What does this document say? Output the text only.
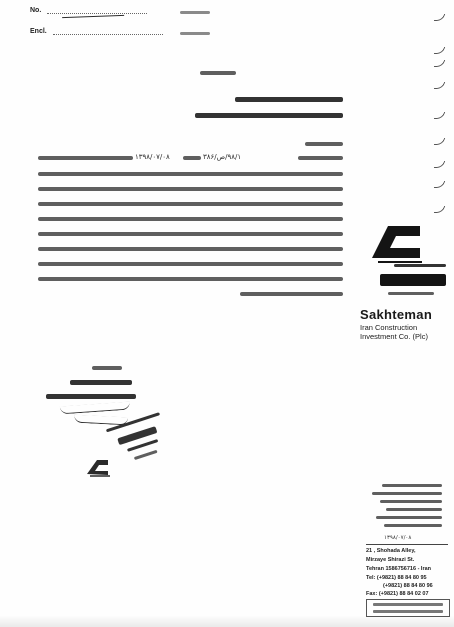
No.
Encl.
۹۸/۱/ص/۳۸۶
۱۳۹۸/۰۷/۰۸
Sakhteman
Iran Construction
Investment Co. (Plc)
۱۳۹۸/۰۷/۰۸
21 , Shohada Alley,
Mirzaye Shirazi St.
Tehran 1586756716 - Iran
Tel: (+9821) 88 84 80 95
(+9821) 88 84 80 96
Fax: (+9821) 88 84 02 07
